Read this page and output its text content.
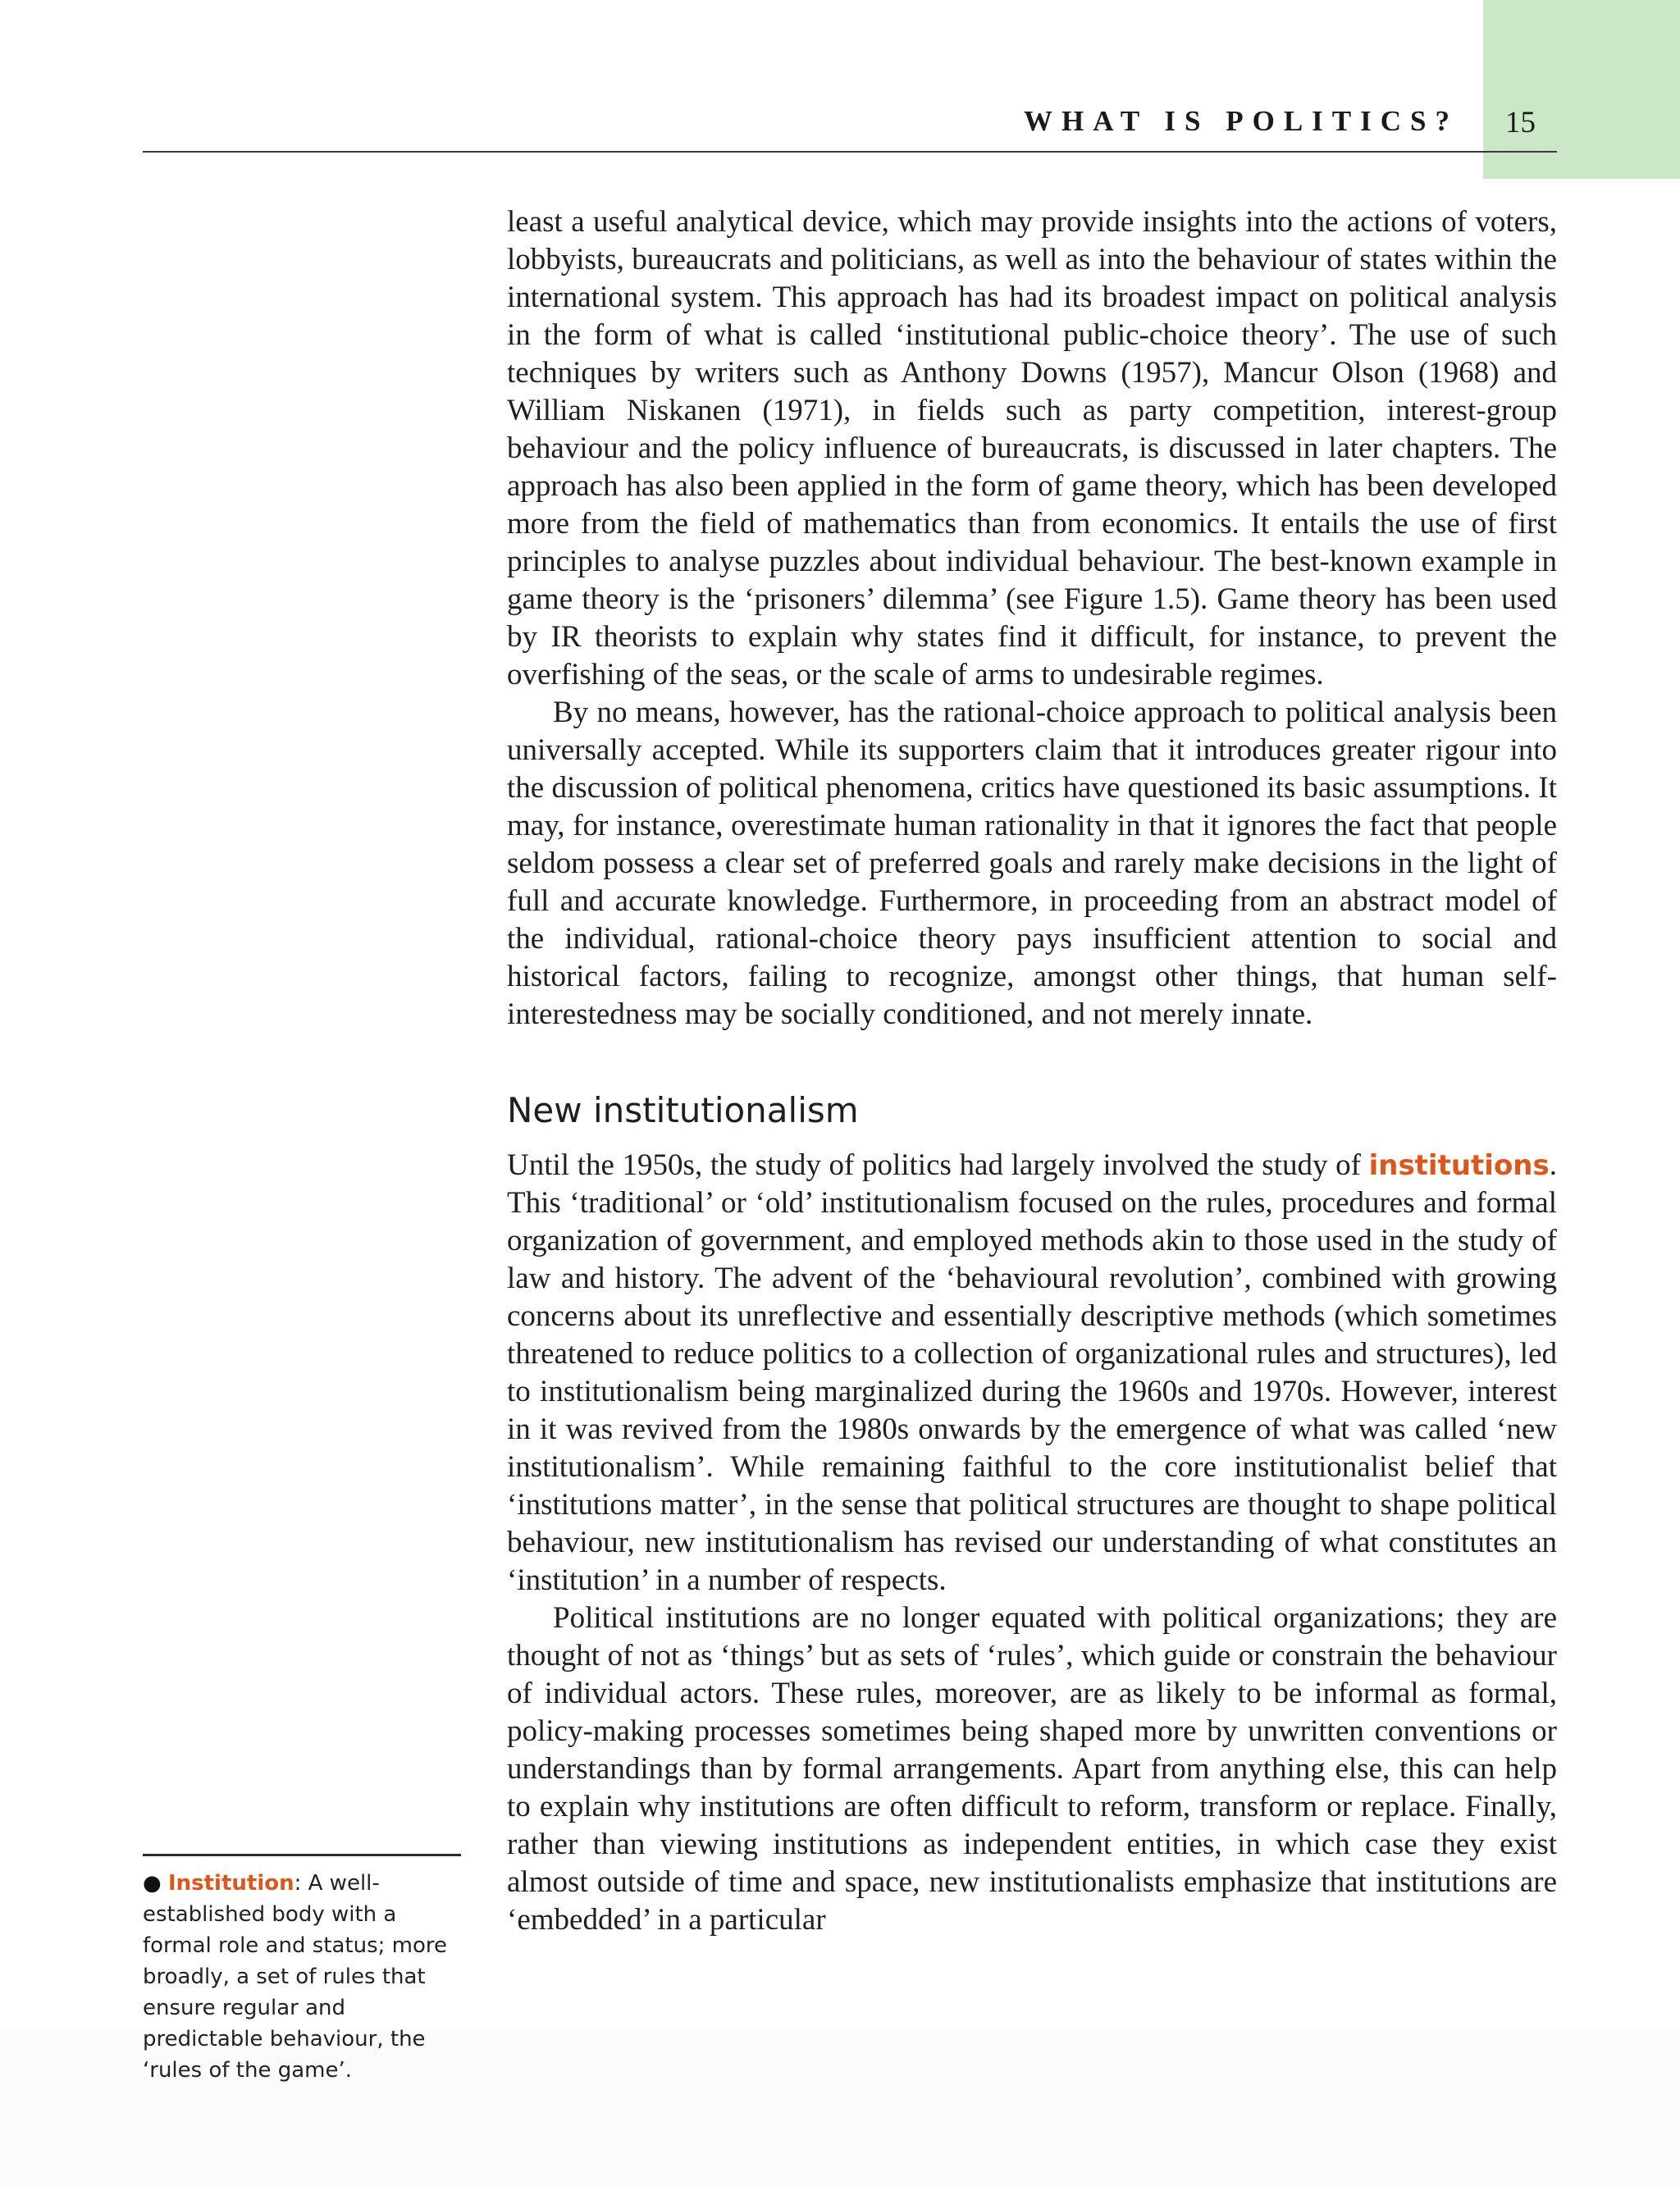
WHAT IS POLITICS? 15

least a useful analytical device, which may provide insights into the actions of voters, lobbyists, bureaucrats and politicians, as well as into the behaviour of states within the international system. This approach has had its broadest impact on political analysis in the form of what is called ‘institutional public-choice theory’. The use of such techniques by writers such as Anthony Downs (1957), Mancur Olson (1968) and William Niskanen (1971), in fields such as party competition, interest-group behaviour and the policy influence of bureaucrats, is discussed in later chapters. The approach has also been applied in the form of game theory, which has been developed more from the field of mathematics than from economics. It entails the use of first principles to analyse puzzles about individual behaviour. The best-known example in game theory is the ‘prisoners’ dilemma’ (see Figure 1.5). Game theory has been used by IR theorists to explain why states find it difficult, for instance, to prevent the overfishing of the seas, or the scale of arms to undesirable regimes.

By no means, however, has the rational-choice approach to political analysis been universally accepted. While its supporters claim that it introduces greater rigour into the discussion of political phenomena, critics have questioned its basic assumptions. It may, for instance, overestimate human rationality in that it ignores the fact that people seldom possess a clear set of preferred goals and rarely make decisions in the light of full and accurate knowledge. Furthermore, in proceeding from an abstract model of the individual, rational-choice theory pays insufficient attention to social and historical factors, failing to recognize, amongst other things, that human self-interestedness may be socially conditioned, and not merely innate.

New institutionalism

Until the 1950s, the study of politics had largely involved the study of institutions. This ‘traditional’ or ‘old’ institutionalism focused on the rules, procedures and formal organization of government, and employed methods akin to those used in the study of law and history. The advent of the ‘behavioural revolution’, combined with growing concerns about its unreflective and essentially descriptive methods (which sometimes threatened to reduce politics to a collection of organizational rules and structures), led to institutionalism being marginalized during the 1960s and 1970s. However, interest in it was revived from the 1980s onwards by the emergence of what was called ‘new institutionalism’. While remaining faithful to the core institutionalist belief that ‘institutions matter’, in the sense that political structures are thought to shape political behaviour, new institutionalism has revised our understanding of what constitutes an ‘institution’ in a number of respects.

Political institutions are no longer equated with political organizations; they are thought of not as ‘things’ but as sets of ‘rules’, which guide or constrain the behaviour of individual actors. These rules, moreover, are as likely to be informal as formal, policy-making processes sometimes being shaped more by unwritten conventions or understandings than by formal arrangements. Apart from anything else, this can help to explain why institutions are often difficult to reform, transform or replace. Finally, rather than viewing institutions as independent entities, in which case they exist almost outside of time and space, new institutionalists emphasize that institutions are ‘embedded’ in a particular

● Institution: A well-established body with a formal role and status; more broadly, a set of rules that ensure regular and predictable behaviour, the ‘rules of the game’.
